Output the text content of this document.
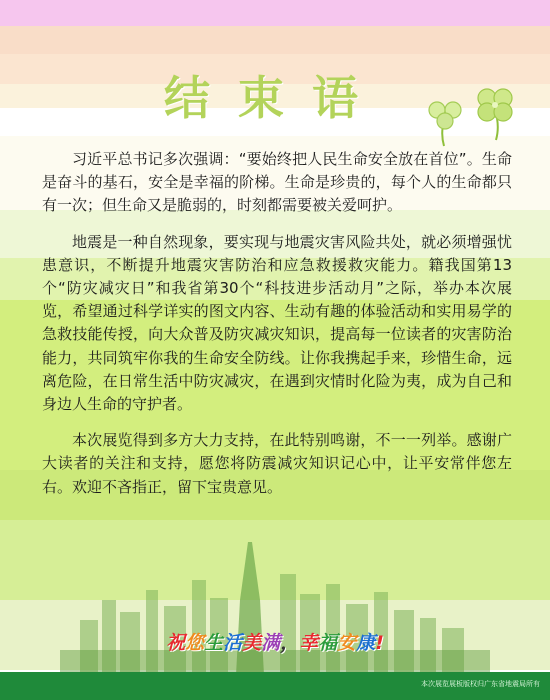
结束语

习近平总书记多次强调：“要始终把人民生命安全放在首位”。生命是奋斗的基石，安全是幸福的阶梯。生命是珍贵的，每个人的生命都只有一次；但生命又是脆弱的，时刻都需要被关爱呵护。

地震是一种自然现象，要实现与地震灾害风险共处，就必须增强忧患意识，不断提升地震灾害防治和应急救援救灾能力。籍我国第13个“防灾减灾日”和我省第30个“科技进步活动月”之际，举办本次展览，希望通过科学详实的图文内容、生动有趣的体验活动和实用易学的急救技能传授，向大众普及防灾减灾知识，提高每一位读者的灾害防治能力，共同筑牢你我的生命安全防线。让你我携起手来，珍惜生命，远离危险，在日常生活中防灾减灾，在遇到灾情时化险为夷，成为自己和身边人生命的守护者。

本次展览得到多方大力支持，在此特别鸣谢，不一一列举。感谢广大读者的关注和支持，愿您将防震减灾知识记心中，让平安常伴您左右。欢迎不吝指正，留下宝贵意见。

祝您生活美满，幸福安康!
本次展览展板版权归广东省地震局所有
